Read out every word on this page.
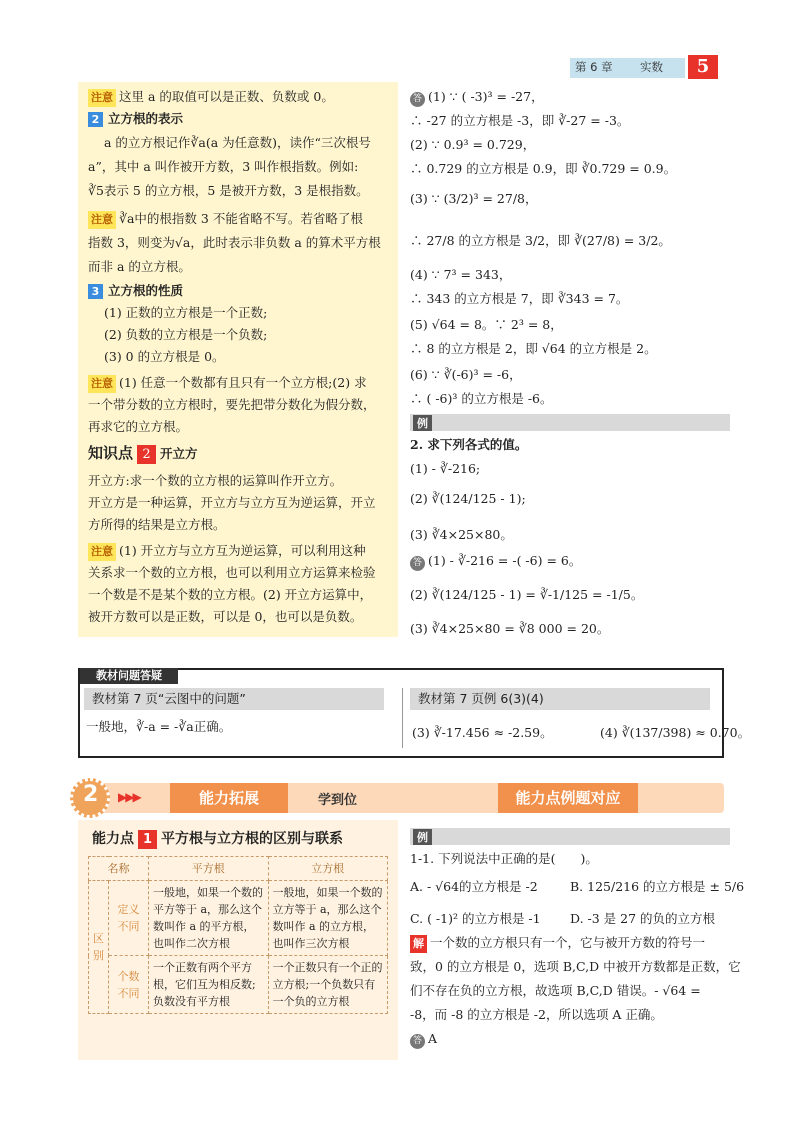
第 6 章 实数	5
注意 这里 a 的取值可以是正数、负数或 0。
2 立方根的表示
a 的立方根记作∛a(a 为任意数)，读作“三次根号
a”，其中 a 叫作被开方数，3 叫作根指数。例如:
∛5表示 5 的立方根，5 是被开方数，3 是根指数。
注意 ∛a中的根指数 3 不能省略不写。若省略了根
指数 3，则变为√a，此时表示非负数 a 的算术平方根
而非 a 的立方根。
3 立方根的性质
(1) 正数的立方根是一个正数;
(2) 负数的立方根是一个负数;
(3) 0 的立方根是 0。
注意 (1) 任意一个数都有且只有一个立方根;(2) 求
一个带分数的立方根时，要先把带分数化为假分数，
再求它的立方根。
知识点 2 开立方
开立方:求一个数的立方根的运算叫作开立方。
开立方是一种运算，开立方与立方互为逆运算，开立
方所得的结果是立方根。
注意 (1) 开立方与立方互为逆运算，可以利用这种
关系求一个数的立方根，也可以利用立方运算来检验
一个数是不是某个数的立方根。(2) 开立方运算中，
被开方数可以是正数，可以是 0，也可以是负数。
答 (1) ∵ ( -3)³ = -27，
∴ -27 的立方根是 -3，即 ∛-27 = -3。
(2) ∵ 0.9³ = 0.729，
∴ 0.729 的立方根是 0.9，即 ∛0.729 = 0.9。
(3) ∵ (3/2)³ = 27/8，
∴ 27/8 的立方根是 3/2，即 ∛(27/8) = 3/2。
(4) ∵ 7³ = 343，
∴ 343 的立方根是 7，即 ∛343 = 7。
(5) √64 = 8。∵ 2³ = 8，
∴ 8 的立方根是 2，即 √64 的立方根是 2。
(6) ∵ ∛(-6)³ = -6，
∴ ( -6)³ 的立方根是 -6。
例
2. 求下列各式的值。
(1) - ∛-216;
(2) ∛(124/125 - 1);
(3) ∛4×25×80。
答 (1) - ∛-216 = -( -6) = 6。
(2) ∛(124/125 - 1) = ∛-1/125 = -1/5。
(3) ∛4×25×80 = ∛8 000 = 20。
教材问题答疑
教材第 7 页“云图中的问题”	教材第 7 页例 6(3)(4)
一般地，∛-a = -∛a正确。	(3) ∛-17.456 ≈ -2.59。	(4) ∛(137/398) ≈ 0.70。
2 ▶▶▶	能力拓展	学到位	能力点例题对应
能力点 1 平方根与立方根的区别与联系
名称		平方根	立方根
区别	定义不同	一般地，如果一个数的平方等于 a，那么这个数叫作 a 的平方根，也叫作二次方根	一般地，如果一个数的立方等于 a，那么这个数叫作 a 的立方根，也叫作三次方根
	个数不同	一个正数有两个平方根，它们互为相反数;负数没有平方根	一个正数只有一个正的立方根;一个负数只有一个负的立方根
例
1-1. 下列说法中正确的是(　　)。
A. - √64的立方根是 -2	B. 125/216 的立方根是 ± 5/6
C. ( -1)² 的立方根是 -1 D. -3 是 27 的负的立方根
解 一个数的立方根只有一个，它与被开方数的符号一
致，0 的立方根是 0，选项 B,C,D 中被开方数都是正数，它
们不存在负的立方根，故选项 B,C,D 错误。- √64 =
-8，而 -8 的立方根是 -2，所以选项 A 正确。
答 A
